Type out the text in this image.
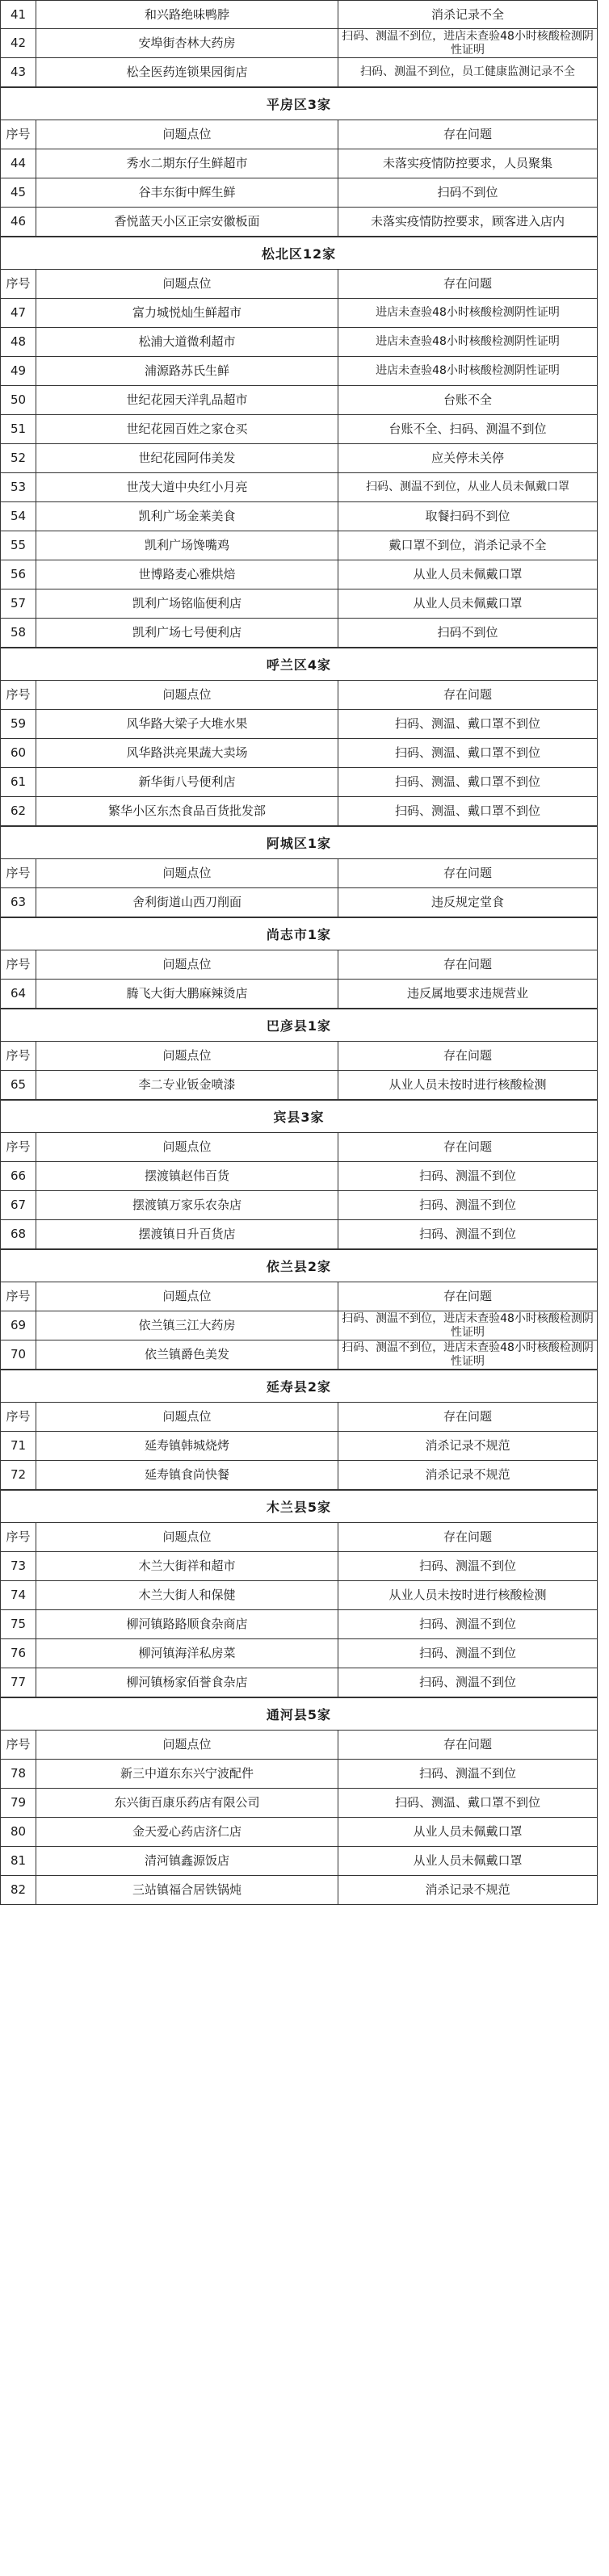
41	和兴路绝味鸭脖	消杀记录不全
42	安埠街杏林大药房	扫码、测温不到位，进店未查验48小时核酸检测阴性证明
43	松全医药连锁果园街店	扫码、测温不到位，员工健康监测记录不全
平房区3家
序号	问题点位	存在问题
44	秀水二期东仔生鲜超市	未落实疫情防控要求，人员聚集
45	谷丰东街中辉生鲜	扫码不到位
46	香悦蓝天小区正宗安徽板面	未落实疫情防控要求，顾客进入店内
松北区12家
序号	问题点位	存在问题
47	富力城悦灿生鲜超市	进店未查验48小时核酸检测阴性证明
48	松浦大道微利超市	进店未查验48小时核酸检测阴性证明
49	浦源路苏氏生鲜	进店未查验48小时核酸检测阴性证明
50	世纪花园天洋乳品超市	台账不全
51	世纪花园百姓之家仓买	台账不全、扫码、测温不到位
52	世纪花园阿伟美发	应关停未关停
53	世茂大道中央红小月亮	扫码、测温不到位，从业人员未佩戴口罩
54	凯利广场金莱美食	取餐扫码不到位
55	凯利广场馋嘴鸡	戴口罩不到位，消杀记录不全
56	世博路麦心雅烘焙	从业人员未佩戴口罩
57	凯利广场铭临便利店	从业人员未佩戴口罩
58	凯利广场七号便利店	扫码不到位
呼兰区4家
序号	问题点位	存在问题
59	风华路大梁子大堆水果	扫码、测温、戴口罩不到位
60	风华路洪亮果蔬大卖场	扫码、测温、戴口罩不到位
61	新华街八号便利店	扫码、测温、戴口罩不到位
62	繁华小区东杰食品百货批发部	扫码、测温、戴口罩不到位
阿城区1家
序号	问题点位	存在问题
63	舍利街道山西刀削面	违反规定堂食
尚志市1家
序号	问题点位	存在问题
64	腾飞大街大鹏麻辣烫店	违反属地要求违规营业
巴彦县1家
序号	问题点位	存在问题
65	李二专业钣金喷漆	从业人员未按时进行核酸检测
宾县3家
序号	问题点位	存在问题
66	摆渡镇赵伟百货	扫码、测温不到位
67	摆渡镇万家乐农杂店	扫码、测温不到位
68	摆渡镇日升百货店	扫码、测温不到位
依兰县2家
序号	问题点位	存在问题
69	依兰镇三江大药房	扫码、测温不到位，进店未查验48小时核酸检测阴性证明
70	依兰镇爵色美发	扫码、测温不到位，进店未查验48小时核酸检测阴性证明
延寿县2家
序号	问题点位	存在问题
71	延寿镇韩城烧烤	消杀记录不规范
72	延寿镇食尚快餐	消杀记录不规范
木兰县5家
序号	问题点位	存在问题
73	木兰大街祥和超市	扫码、测温不到位
74	木兰大街人和保健	从业人员未按时进行核酸检测
75	柳河镇路路顺食杂商店	扫码、测温不到位
76	柳河镇海洋私房菜	扫码、测温不到位
77	柳河镇杨家佰誉食杂店	扫码、测温不到位
通河县5家
序号	问题点位	存在问题
78	新三中道东东兴宁波配件	扫码、测温不到位
79	东兴街百康乐药店有限公司	扫码、测温、戴口罩不到位
80	金天爱心药店济仁店	从业人员未佩戴口罩
81	清河镇鑫源饭店	从业人员未佩戴口罩
82	三站镇福合居铁锅炖	消杀记录不规范
